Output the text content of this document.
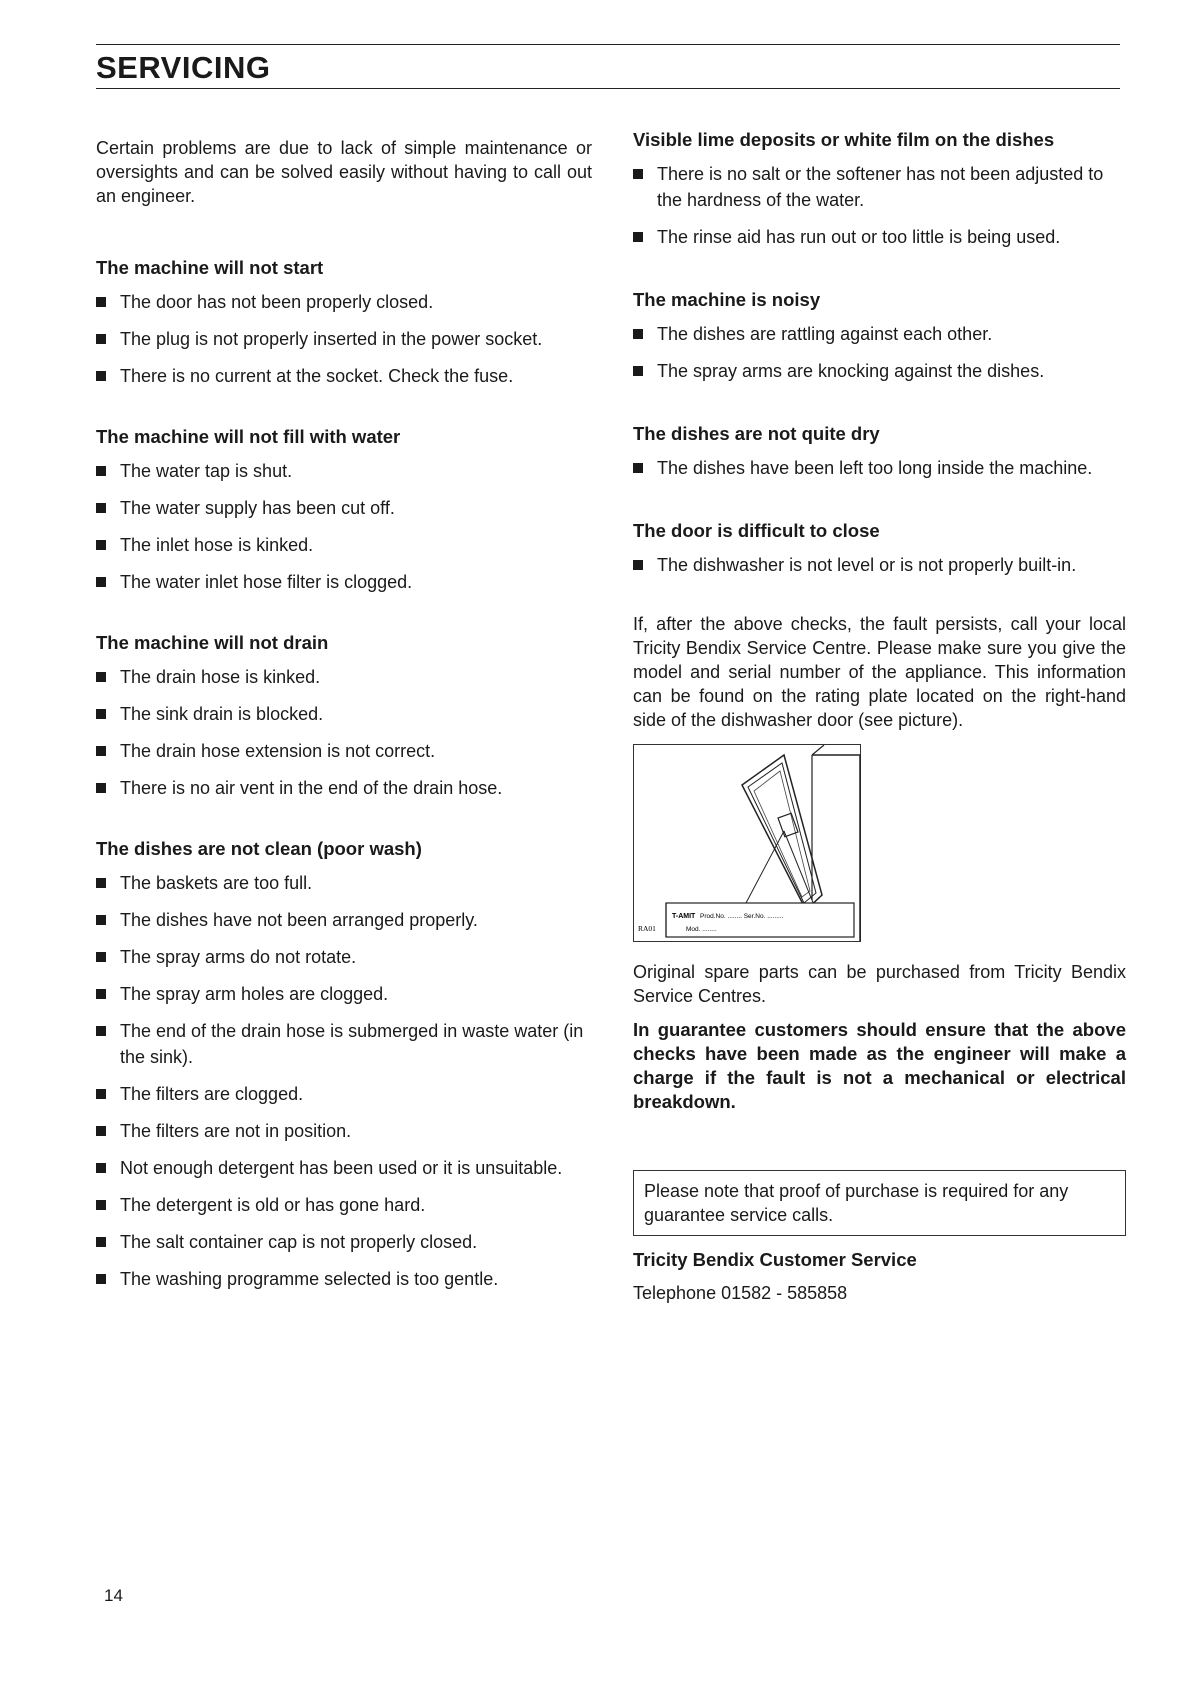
SERVICING

Certain problems are due to lack of simple maintenance or oversights and can be solved easily without having to call out an engineer.

The machine will not start
The door has not been properly closed.
The plug is not properly inserted in the power socket.
There is no current at the socket. Check the fuse.
The machine will not fill with water
The water tap is shut.
The water supply has been cut off.
The inlet hose is kinked.
The water inlet hose filter is clogged.
The machine will not drain
The drain hose is kinked.
The sink drain is blocked.
The drain hose extension is not correct.
There is no air vent in the end of the drain hose.
The dishes are not clean (poor wash)
The baskets are too full.
The dishes have not been arranged properly.
The spray arms do not rotate.
The spray arm holes are clogged.
The end of the drain hose is submerged in waste water (in the sink).
The filters are clogged.
The filters are not in position.
Not enough detergent has been used or it is unsuitable.
The detergent is old or has gone hard.
The salt container cap is not properly closed.
The washing programme selected is too gentle.
Visible lime deposits or white film on the dishes
There is no salt or the softener has not been adjusted to the hardness of the water.
The rinse aid has run out or too little is being used.
The machine is noisy
The dishes are rattling against each other.
The spray arms are knocking against the dishes.
The dishes are not quite dry
The dishes have been left too long inside the machine.
The door is difficult to close
The dishwasher is not level or is not properly built-in.

If, after the above checks, the fault persists, call your local Tricity Bendix Service Centre. Please make sure you give the model and serial number of the appliance. This information can be found on the rating plate located on the right-hand side of the dishwasher door (see picture).

T-AMIT Prod.No. ........ Ser.No. .........
Mod. ........
RA01

Original spare parts can be purchased from Tricity Bendix Service Centres.

In guarantee customers should ensure that the above checks have been made as the engineer will make a charge if the fault is not a mechanical or electrical breakdown.

Please note that proof of purchase is required for any guarantee service calls.
Tricity Bendix Customer Service
Telephone 01582 - 585858
14
